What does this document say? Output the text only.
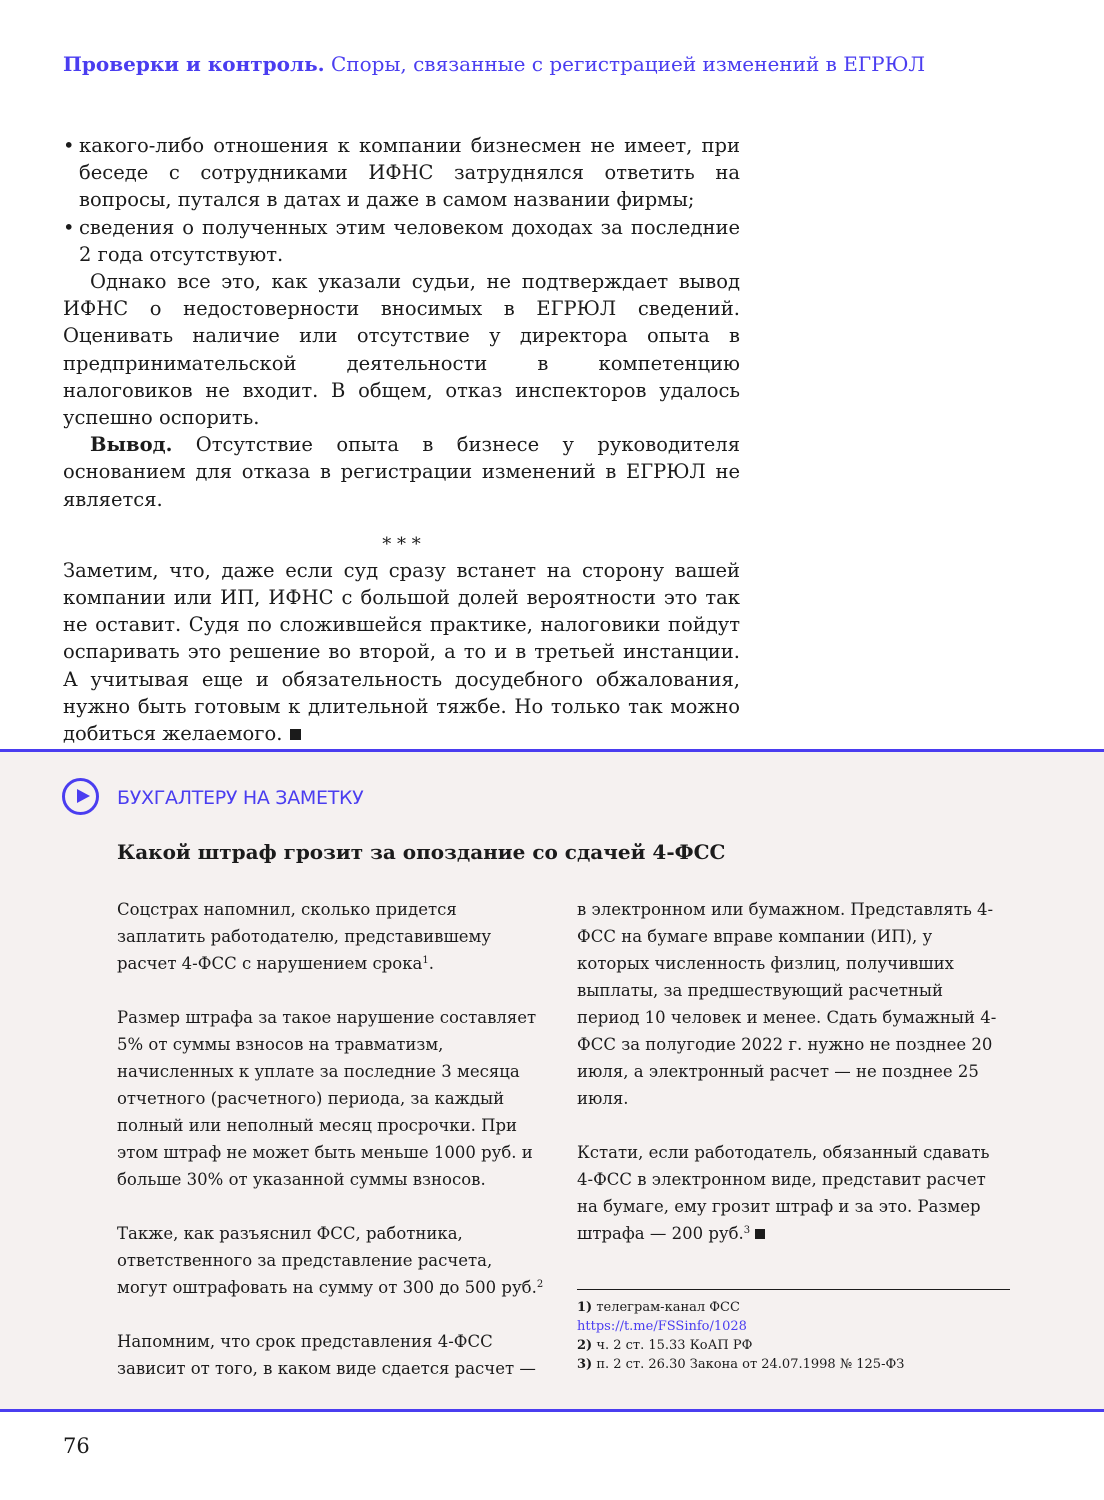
Проверки и контроль. Споры, связанные с регистрацией изменений в ЕГРЮЛ
• какого-либо отношения к компании бизнесмен не имеет, при беседе с сотрудниками ИФНС затруднялся ответить на вопросы, путался в датах и даже в самом названии фирмы;
• сведения о полученных этим человеком доходах за последние 2 года отсутствуют.
Однако все это, как указали судьи, не подтверждает вывод ИФНС о недостоверности вносимых в ЕГРЮЛ сведений. Оценивать наличие или отсутствие у директора опыта в предпринимательской деятельности в компетенцию налоговиков не входит. В общем, отказ инспекторов удалось успешно оспорить.
Вывод. Отсутствие опыта в бизнесе у руководителя основанием для отказа в регистрации изменений в ЕГРЮЛ не является.
* * *
Заметим, что, даже если суд сразу встанет на сторону вашей компании или ИП, ИФНС с большой долей вероятности это так не оставит. Судя по сложившейся практике, налоговики пойдут оспаривать это решение во второй, а то и в третьей инстанции. А учитывая еще и обязательность досудебного обжалования, нужно быть готовым к длительной тяжбе. Но только так можно добиться желаемого.
БУХГАЛТЕРУ НА ЗАМЕТКУ
Какой штраф грозит за опоздание со сдачей 4-ФСС

Соцстрах напомнил, сколько придется заплатить работодателю, представившему расчет 4-ФСС с нарушением срока$^1$.

Размер штрафа за такое нарушение составляет 5% от суммы взносов на травматизм, начисленных к уплате за последние 3 месяца отчетного (расчетного) периода, за каждый полный или неполный месяц просрочки. При этом штраф не может быть меньше 1000 руб. и больше 30% от указанной суммы взносов.

Также, как разъяснил ФСС, работника, ответственного за представление расчета, могут оштрафовать на сумму от 300 до 500 руб.$^2$

Напомним, что срок представления 4-ФСС зависит от того, в каком виде сдается расчет —

в электронном или бумажном. Представлять 4-ФСС на бумаге вправе компании (ИП), у которых численность физлиц, получивших выплаты, за предшествующий расчетный период 10 человек и менее. Сдать бумажный 4-ФСС за полугодие 2022 г. нужно не позднее 20 июля, а электронный расчет — не позднее 25 июля.

Кстати, если работодатель, обязанный сдавать 4-ФСС в электронном виде, представит расчет на бумаге, ему грозит штраф и за это. Размер штрафа — 200 руб.$^3$

1) телеграм-канал ФСС
https://t.me/FSSinfo/1028
2) ч. 2 ст. 15.33 КоАП РФ
3) п. 2 ст. 26.30 Закона от 24.07.1998 № 125-ФЗ
76
